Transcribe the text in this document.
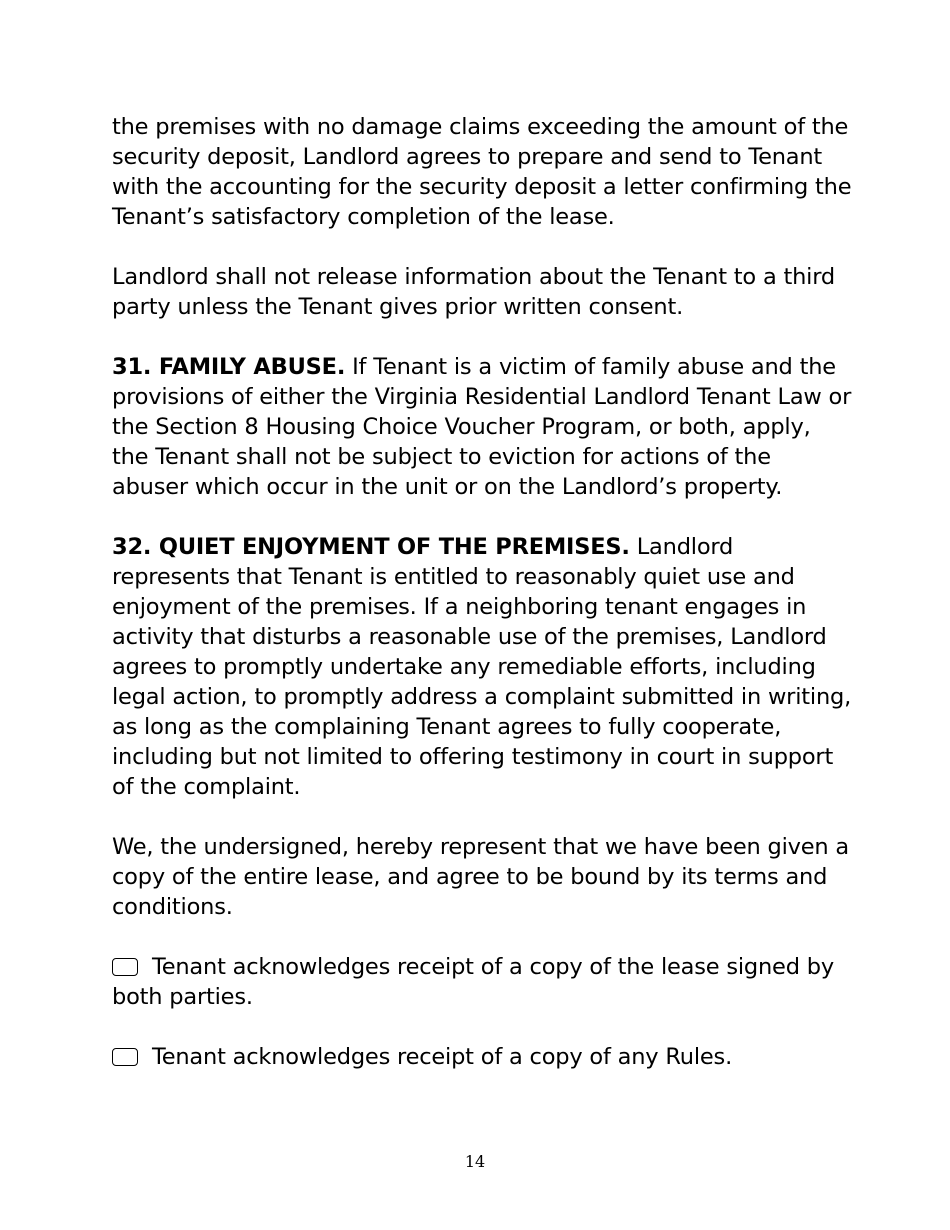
the premises with no damage claims exceeding the amount of the security deposit, Landlord agrees to prepare and send to Tenant with the accounting for the security deposit a letter confirming the Tenant’s satisfactory completion of the lease.

Landlord shall not release information about the Tenant to a third party unless the Tenant gives prior written consent.

31. FAMILY ABUSE. If Tenant is a victim of family abuse and the provisions of either the Virginia Residential Landlord Tenant Law or the Section 8 Housing Choice Voucher Program, or both, apply, the Tenant shall not be subject to eviction for actions of the abuser which occur in the unit or on the Landlord’s property.

32. QUIET ENJOYMENT OF THE PREMISES. Landlord represents that Tenant is entitled to reasonably quiet use and enjoyment of the premises. If a neighboring tenant engages in activity that disturbs a reasonable use of the premises, Landlord agrees to promptly undertake any remediable efforts, including legal action, to promptly address a complaint submitted in writing, as long as the complaining Tenant agrees to fully cooperate, including but not limited to offering testimony in court in support of the complaint.

We, the undersigned, hereby represent that we have been given a copy of the entire lease, and agree to be bound by its terms and conditions.

Tenant acknowledges receipt of a copy of the lease signed by both parties.

Tenant acknowledges receipt of a copy of any Rules.

14
